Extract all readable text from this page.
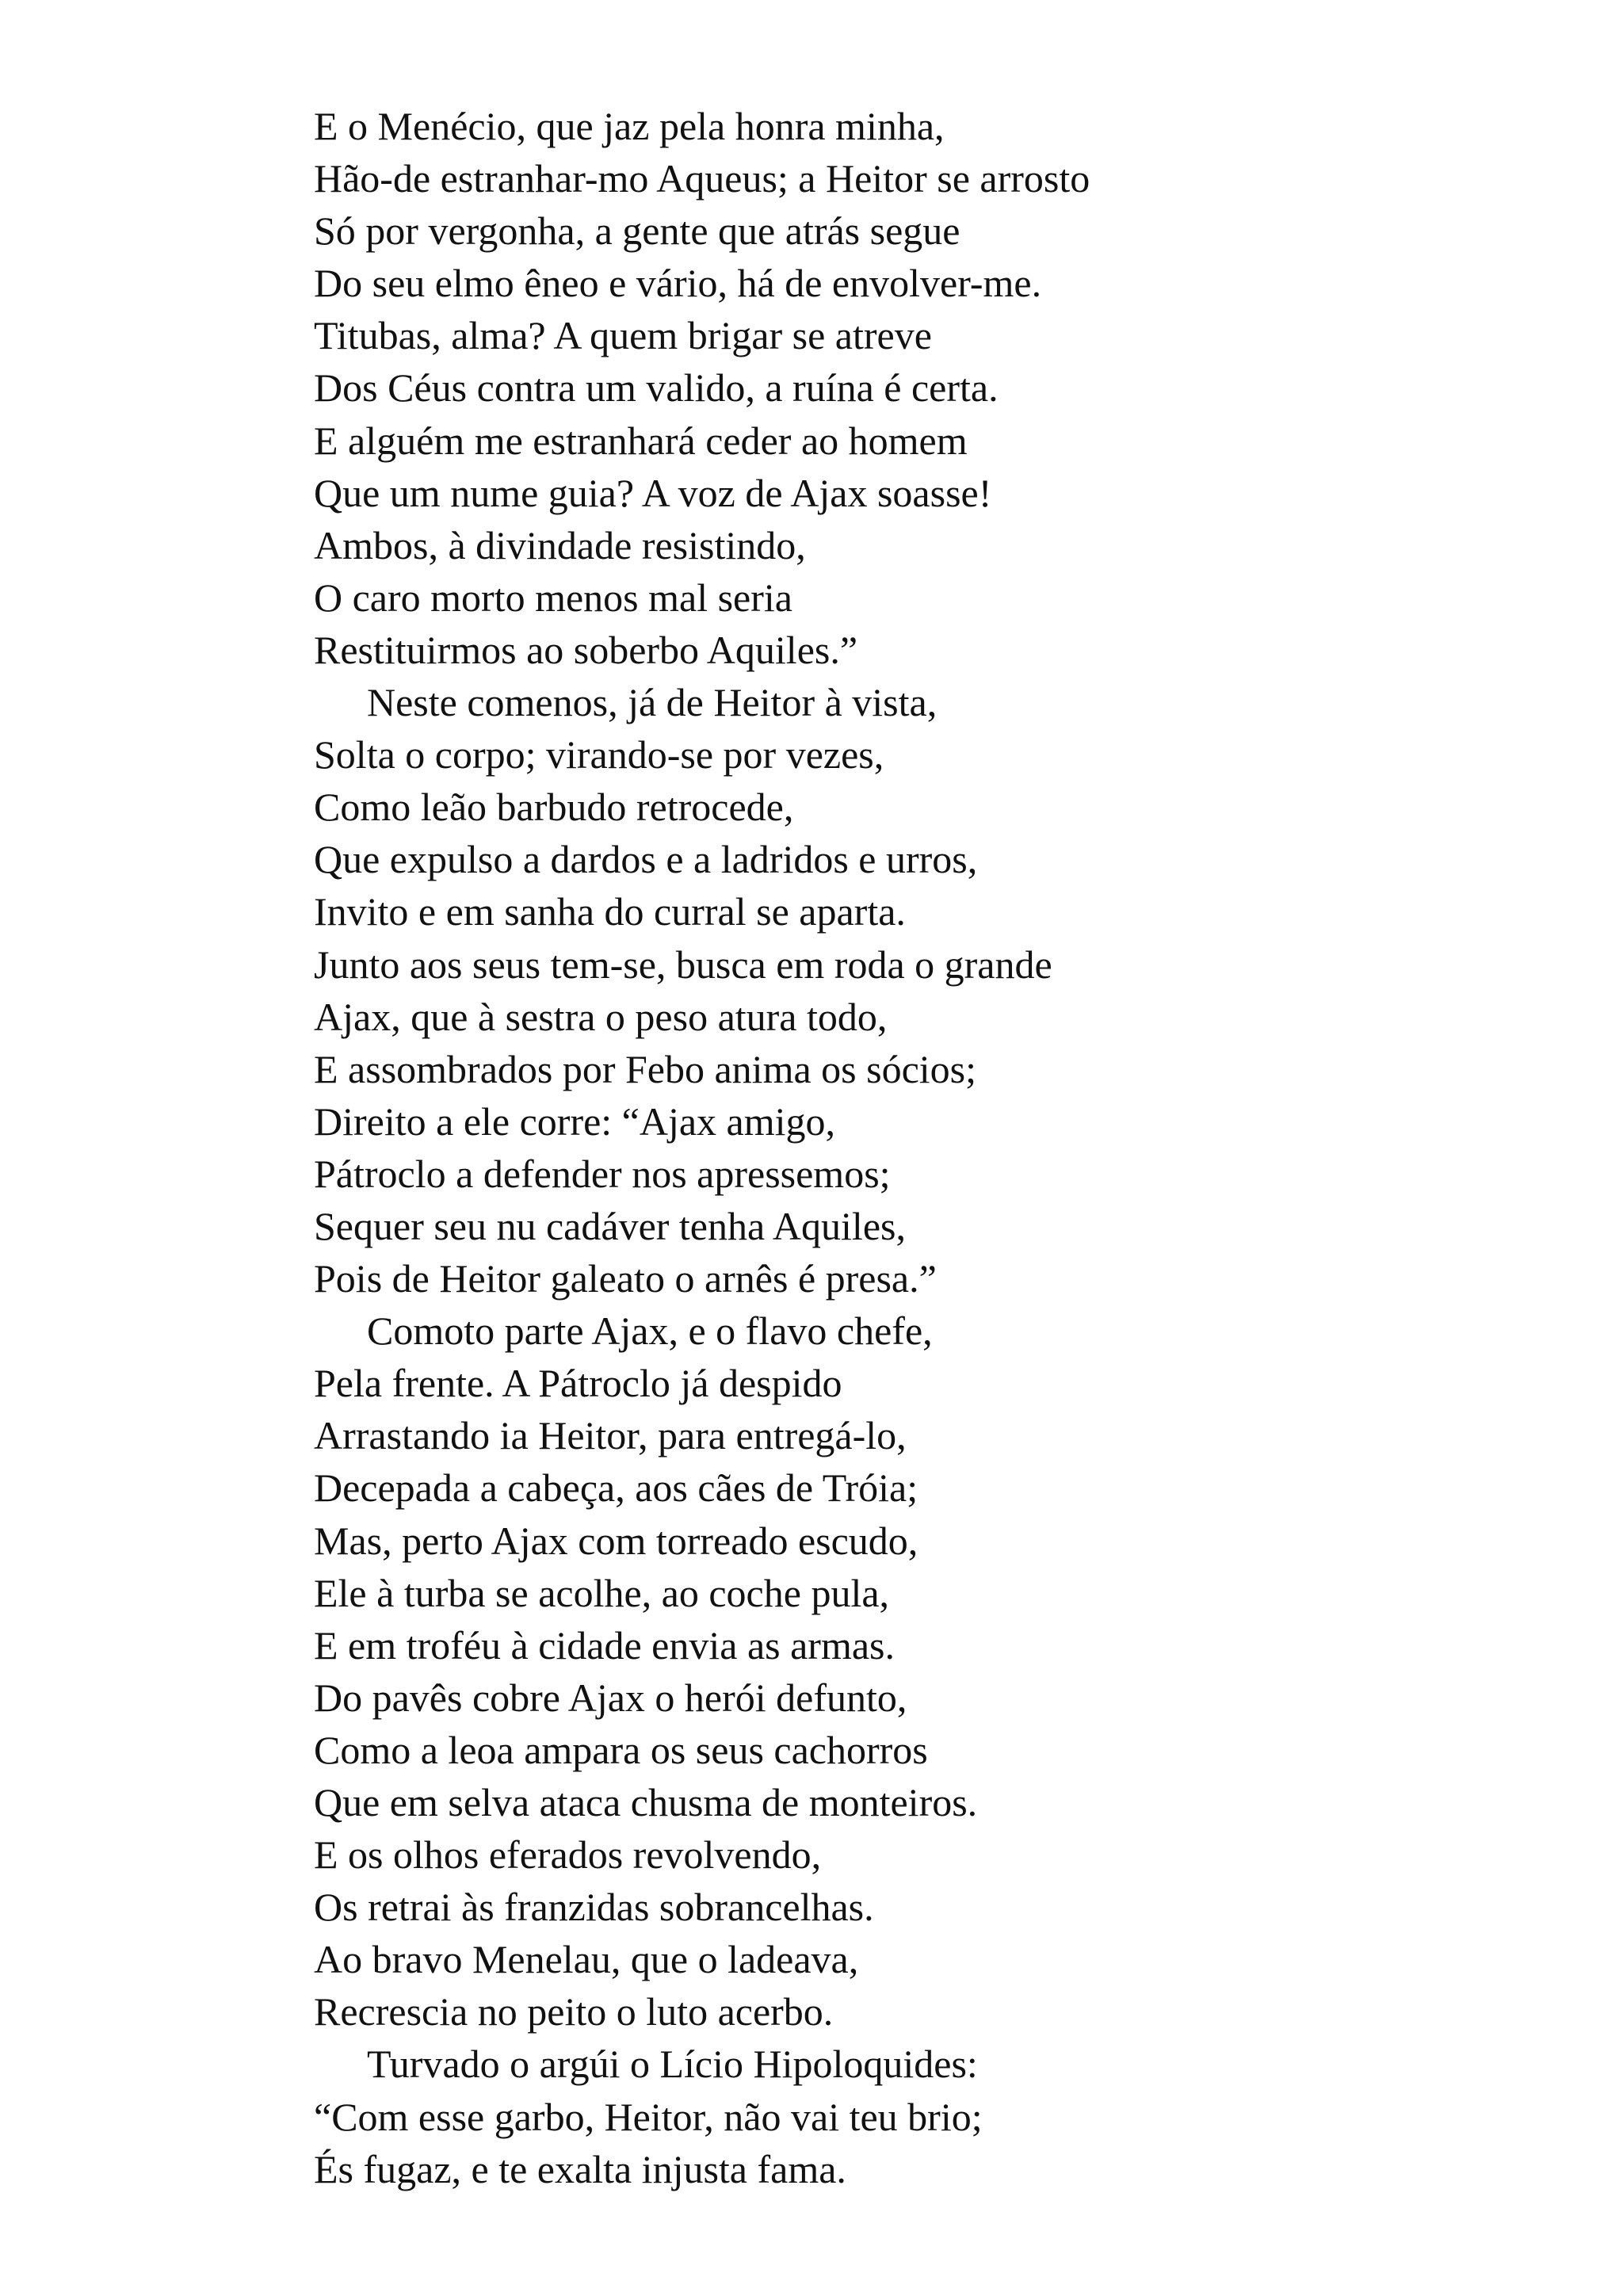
E o Menécio, que jaz pela honra minha,
Hão-de estranhar-mo Aqueus; a Heitor se arrosto
Só por vergonha, a gente que atrás segue
Do seu elmo êneo e vário, há de envolver-me.
Titubas, alma? A quem brigar se atreve
Dos Céus contra um valido, a ruína é certa.
E alguém me estranhará ceder ao homem
Que um nume guia? A voz de Ajax soasse!
Ambos, à divindade resistindo,
O caro morto menos mal seria
Restituirmos ao soberbo Aquiles.”
Neste comenos, já de Heitor à vista,
Solta o corpo; virando-se por vezes,
Como leão barbudo retrocede,
Que expulso a dardos e a ladridos e urros,
Invito e em sanha do curral se aparta.
Junto aos seus tem-se, busca em roda o grande
Ajax, que à sestra o peso atura todo,
E assombrados por Febo anima os sócios;
Direito a ele corre: “Ajax amigo,
Pátroclo a defender nos apressemos;
Sequer seu nu cadáver tenha Aquiles,
Pois de Heitor galeato o arnês é presa.”
Comoto parte Ajax, e o flavo chefe,
Pela frente. A Pátroclo já despido
Arrastando ia Heitor, para entregá-lo,
Decepada a cabeça, aos cães de Tróia;
Mas, perto Ajax com torreado escudo,
Ele à turba se acolhe, ao coche pula,
E em troféu à cidade envia as armas.
Do pavês cobre Ajax o herói defunto,
Como a leoa ampara os seus cachorros
Que em selva ataca chusma de monteiros.
E os olhos eferados revolvendo,
Os retrai às franzidas sobrancelhas.
Ao bravo Menelau, que o ladeava,
Recrescia no peito o luto acerbo.
Turvado o argúi o Lício Hipoloquides:
“Com esse garbo, Heitor, não vai teu brio;
És fugaz, e te exalta injusta fama.
